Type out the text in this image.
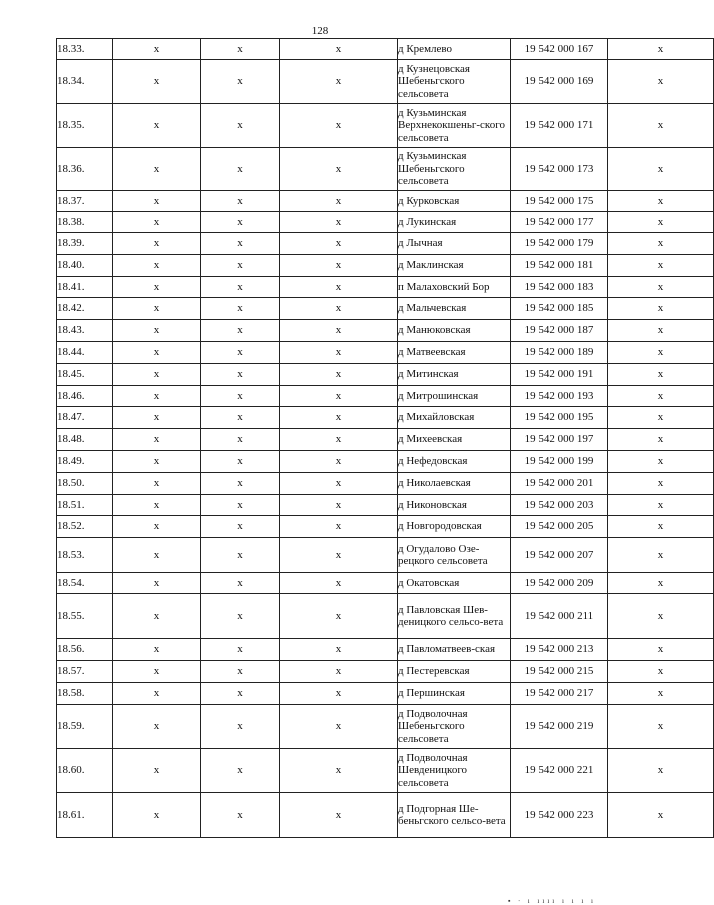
128
18.33.	x	x	x	д Кремлево	19 542 000 167	x
18.34.	x	x	x	д Кузнецовская Шебеньгского сельсовета	19 542 000 169	x
18.35.	x	x	x	д Кузьминская Верхнекокшеньг-ского сельсовета	19 542 000 171	x
18.36.	x	x	x	д Кузьминская Шебеньгского сельсовета	19 542 000 173	x
18.37.	x	x	x	д Курковская	19 542 000 175	x
18.38.	x	x	x	д Лукинская	19 542 000 177	x
18.39.	x	x	x	д Лычная	19 542 000 179	x
18.40.	x	x	x	д Маклинская	19 542 000 181	x
18.41.	x	x	x	п Малаховский Бор	19 542 000 183	x
18.42.	x	x	x	д Мальчевская	19 542 000 185	x
18.43.	x	x	x	д Манюковская	19 542 000 187	x
18.44.	x	x	x	д Матвеевская	19 542 000 189	x
18.45.	x	x	x	д Митинская	19 542 000 191	x
18.46.	x	x	x	д Митрошинская	19 542 000 193	x
18.47.	x	x	x	д Михайловская	19 542 000 195	x
18.48.	x	x	x	д Михеевская	19 542 000 197	x
18.49.	x	x	x	д Нефедовская	19 542 000 199	x
18.50.	x	x	x	д Николаевская	19 542 000 201	x
18.51.	x	x	x	д Никоновская	19 542 000 203	x
18.52.	x	x	x	д Новгородовская	19 542 000 205	x
18.53.	x	x	x	д Огудалово Озе-рецкого сельсовета	19 542 000 207	x
18.54.	x	x	x	д Окатовская	19 542 000 209	x
18.55.	x	x	x	д Павловская Шев-деницкого сельсо-вета	19 542 000 211	x
18.56.	x	x	x	д Павломатвеев-ская	19 542 000 213	x
18.57.	x	x	x	д Пестеревская	19 542 000 215	x
18.58.	x	x	x	д Першинская	19 542 000 217	x
18.59.	x	x	x	д Подволочная Шебеньгского сельсовета	19 542 000 219	x
18.60.	x	x	x	д Подволочная Шевденицкого сельсовета	19 542 000 221	x
18.61.	x	x	x	д Подгорная Ше-беньгского сельсо-вета	19 542 000 223	x
▪ ∙ ı ıııı ı ı ı ı
